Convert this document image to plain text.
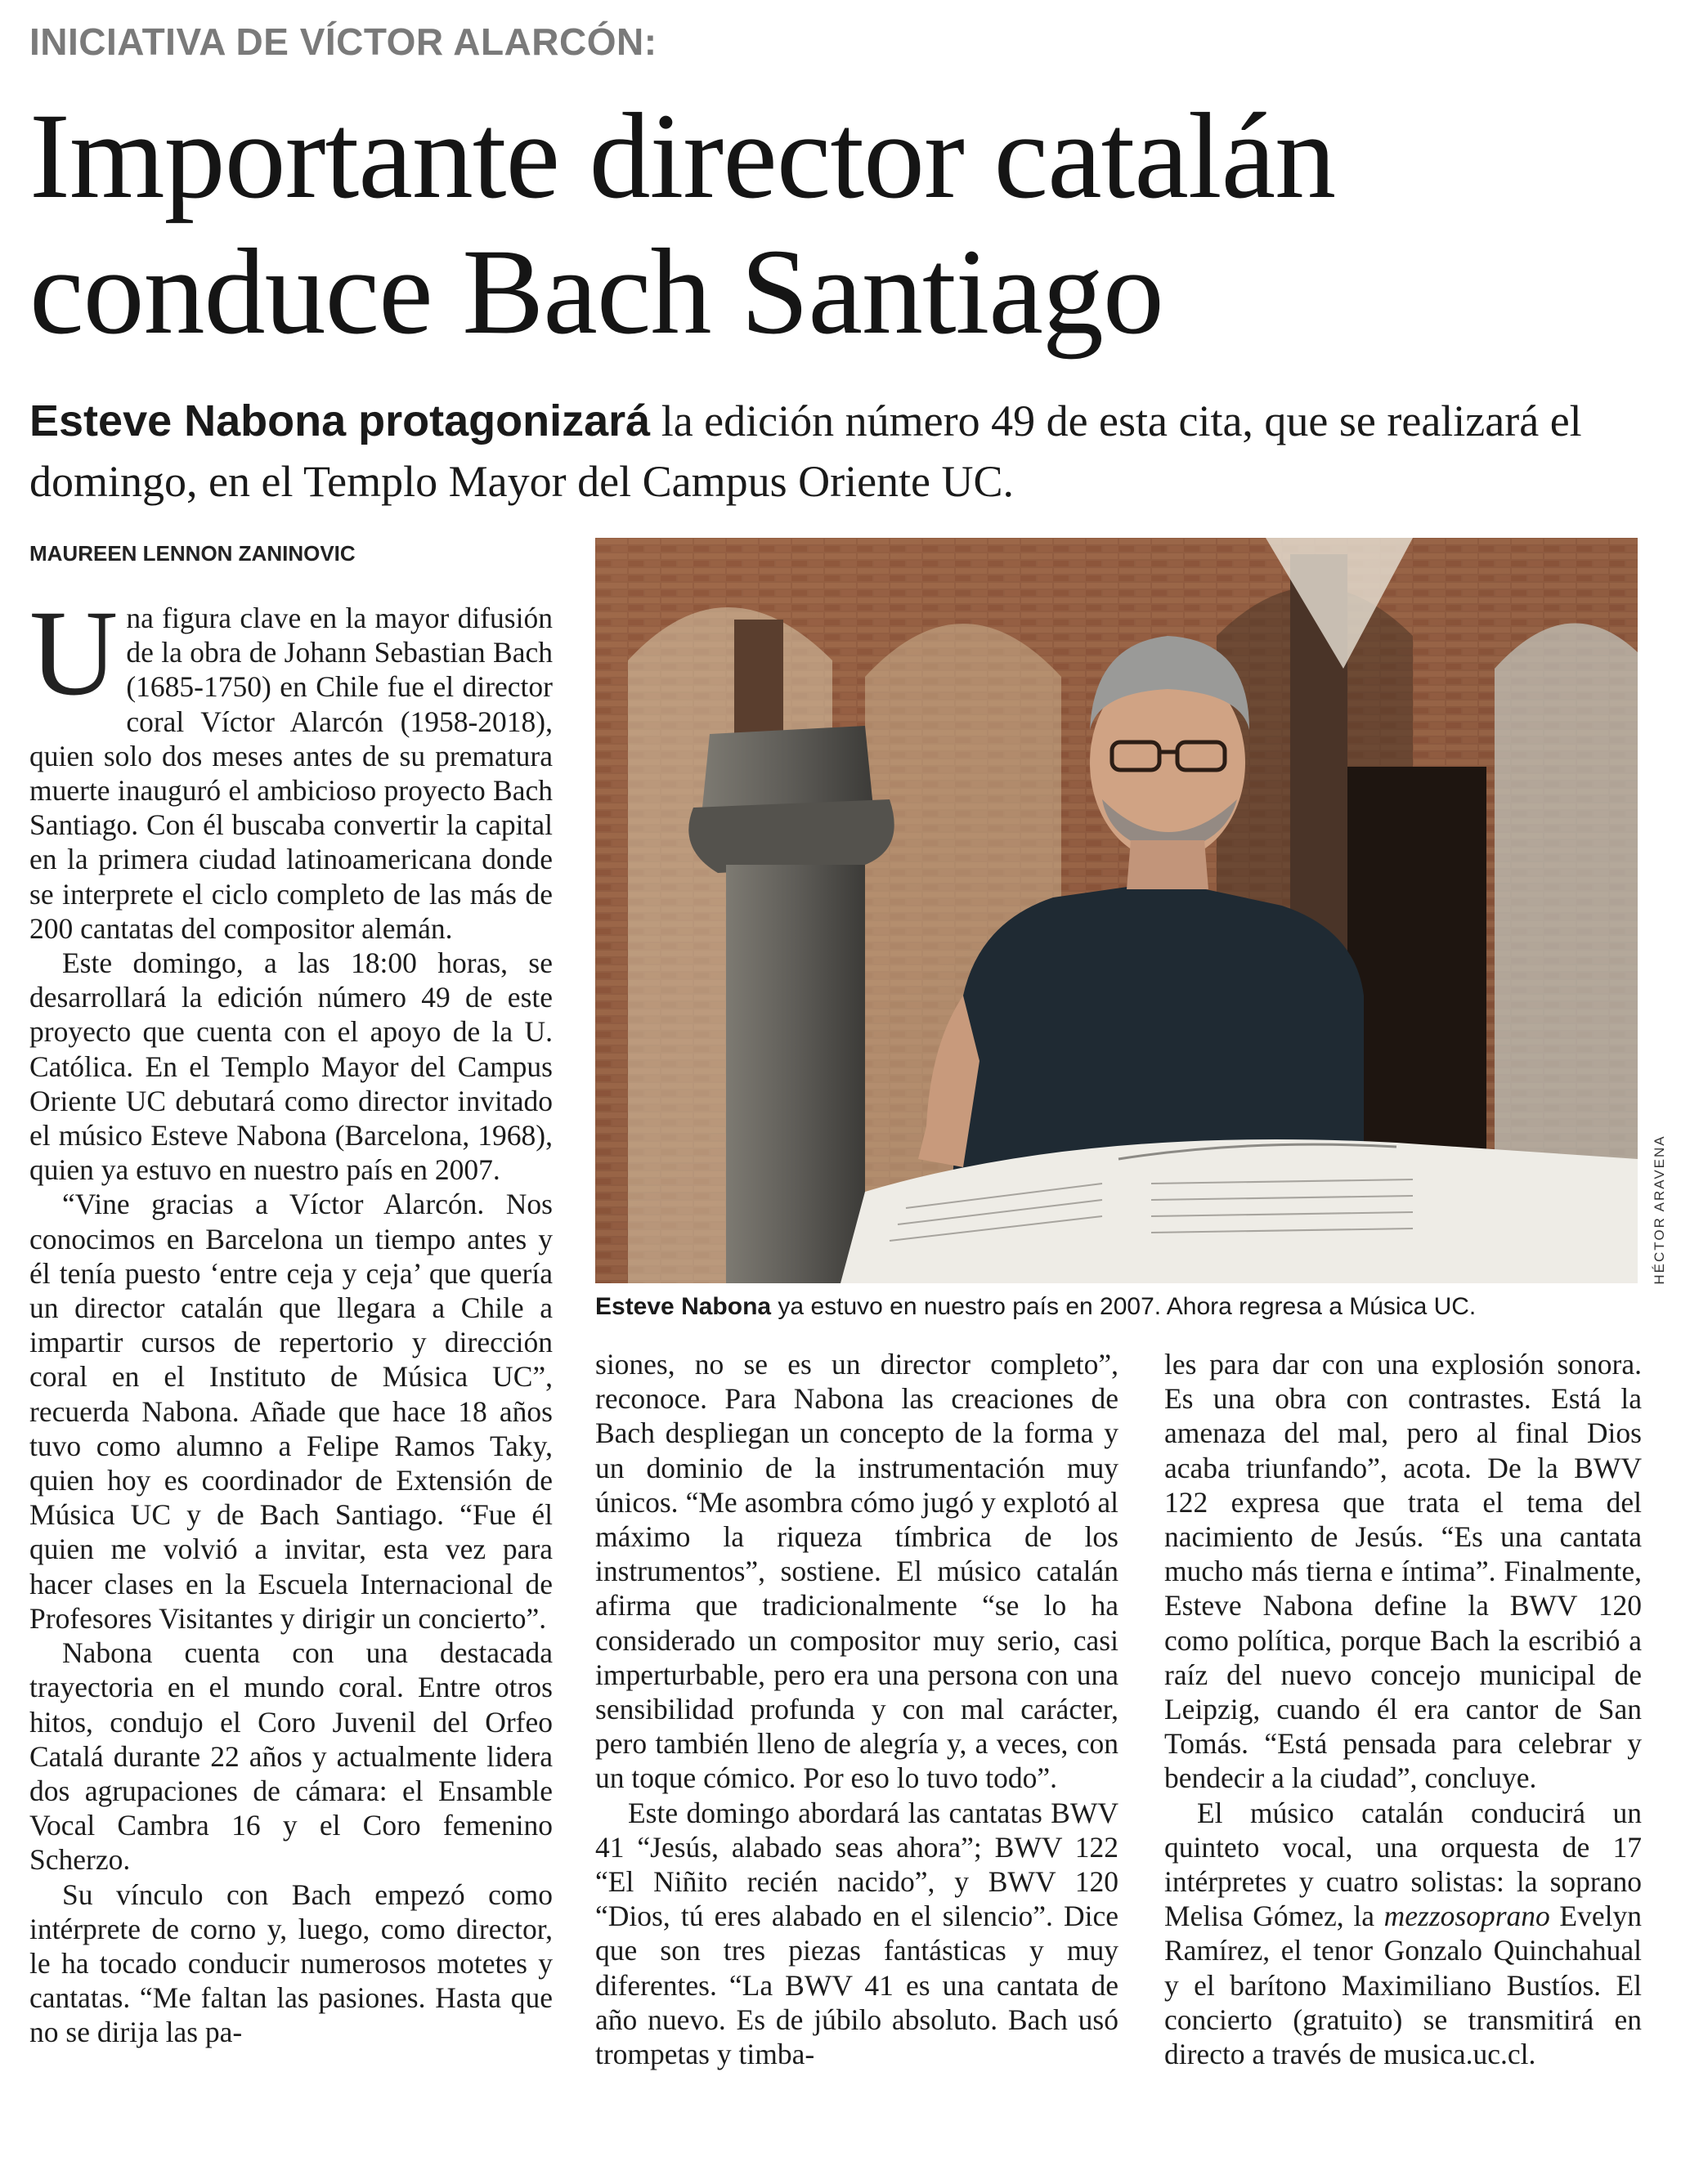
INICIATIVA DE VÍCTOR ALARCÓN:
Importante director catalán
conduce Bach Santiago
Esteve Nabona protagonizará la edición número 49 de esta cita, que se realizará el domingo, en el Templo Mayor del Campus Oriente UC.
MAUREEN LENNON ZANINOVIC

Una figura clave en la mayor difusión de la obra de Johann Sebastian Bach (1685-1750) en Chile fue el director coral Víctor Alarcón (1958-2018), quien solo dos meses antes de su prematura muerte inauguró el ambicioso proyecto Bach Santiago. Con él buscaba convertir la capital en la primera ciudad latinoamericana donde se interprete el ciclo completo de las más de 200 cantatas del compositor alemán.

Este domingo, a las 18:00 horas, se desarrollará la edición número 49 de este proyecto que cuenta con el apoyo de la U. Católica. En el Templo Mayor del Campus Oriente UC debutará como director invitado el músico Esteve Nabona (Barcelona, 1968), quien ya estuvo en nuestro país en 2007.

“Vine gracias a Víctor Alarcón. Nos conocimos en Barcelona un tiempo antes y él tenía puesto ‘entre ceja y ceja’ que quería un director catalán que llegara a Chile a impartir cursos de repertorio y dirección coral en el Instituto de Música UC”, recuerda Nabona. Añade que hace 18 años tuvo como alumno a Felipe Ramos Taky, quien hoy es coordinador de Extensión de Música UC y de Bach Santiago. “Fue él quien me volvió a invitar, esta vez para hacer clases en la Escuela Internacional de Profesores Visitantes y dirigir un concierto”.

Nabona cuenta con una destacada trayectoria en el mundo coral. Entre otros hitos, condujo el Coro Juvenil del Orfeo Catalá durante 22 años y actualmente lidera dos agrupaciones de cámara: el Ensamble Vocal Cambra 16 y el Coro femenino Scherzo.

Su vínculo con Bach empezó como intérprete de corno y, luego, como director, le ha tocado conducir numerosos motetes y cantatas. “Me faltan las pasiones. Hasta que no se dirija las pa-

HÉCTOR ARAVENA
Esteve Nabona ya estuvo en nuestro país en 2007. Ahora regresa a Música UC.

siones, no se es un director completo”, reconoce. Para Nabona las creaciones de Bach despliegan un concepto de la forma y un dominio de la instrumentación muy únicos. “Me asombra cómo jugó y explotó al máximo la riqueza tímbrica de los instrumentos”, sostiene. El músico catalán afirma que tradicionalmente “se lo ha considerado un compositor muy serio, casi imperturbable, pero era una persona con una sensibilidad profunda y con mal carácter, pero también lleno de alegría y, a veces, con un toque cómico. Por eso lo tuvo todo”.

Este domingo abordará las cantatas BWV 41 “Jesús, alabado seas ahora”; BWV 122 “El Niñito recién nacido”, y BWV 120 “Dios, tú eres alabado en el silencio”. Dice que son tres piezas fantásticas y muy diferentes. “La BWV 41 es una cantata de año nuevo. Es de júbilo absoluto. Bach usó trompetas y timba-

les para dar con una explosión sonora. Es una obra con contrastes. Está la amenaza del mal, pero al final Dios acaba triunfando”, acota. De la BWV 122 expresa que trata el tema del nacimiento de Jesús. “Es una cantata mucho más tierna e íntima”. Finalmente, Esteve Nabona define la BWV 120 como política, porque Bach la escribió a raíz del nuevo concejo municipal de Leipzig, cuando él era cantor de San Tomás. “Está pensada para celebrar y bendecir a la ciudad”, concluye.

El músico catalán conducirá un quinteto vocal, una orquesta de 17 intérpretes y cuatro solistas: la soprano Melisa Gómez, la mezzosoprano Evelyn Ramírez, el tenor Gonzalo Quinchahual y el barítono Maximiliano Bustíos. El concierto (gratuito) se transmitirá en directo a través de musica.uc.cl.
